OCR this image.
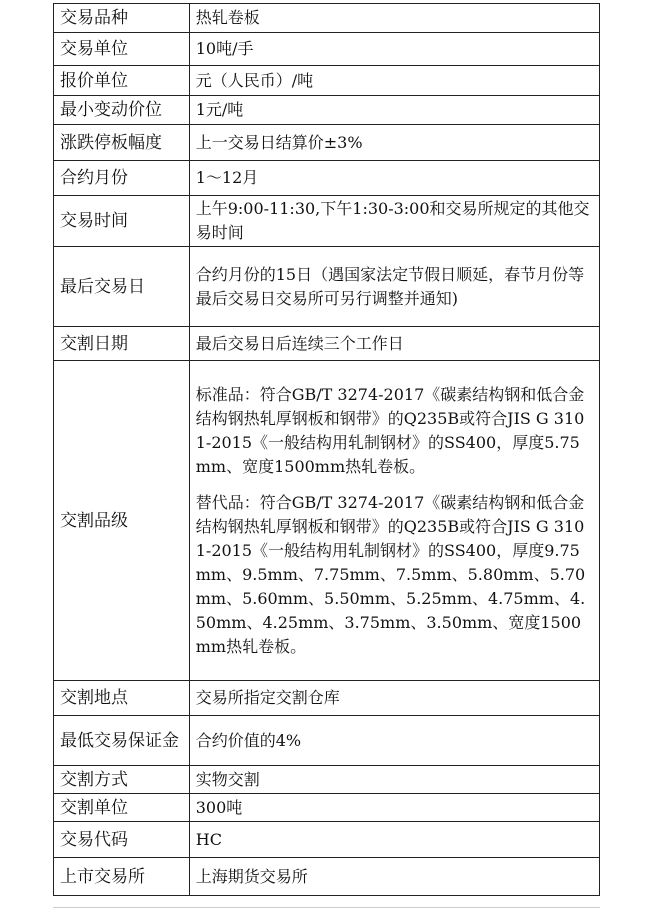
交易品种	热轧卷板
交易单位	10吨/手
报价单位	元（人民币）/吨
最小变动价位	1元/吨
涨跌停板幅度	上一交易日结算价±3%
合约月份	1～12月
交易时间	上午9:00-11:30,下午1:30-3:00和交易所规定的其他交易时间
最后交易日	合约月份的15日（遇国家法定节假日顺延，春节月份等最后交易日交易所可另行调整并通知)
交割日期	最后交易日后连续三个工作日
交割品级	标准品：符合GB/T 3274-2017《碳素结构钢和低合金结构钢热轧厚钢板和钢带》的Q235B或符合JIS G 3101-2015《一般结构用轧制钢材》的SS400，厚度5.75mm、宽度1500mm热轧卷板。
替代品：符合GB/T 3274-2017《碳素结构钢和低合金结构钢热轧厚钢板和钢带》的Q235B或符合JIS G 3101-2015《一般结构用轧制钢材》的SS400，厚度9.75mm、9.5mm、7.75mm、7.5mm、5.80mm、5.70mm、5.60mm、5.50mm、5.25mm、4.75mm、4.50mm、4.25mm、3.75mm、3.50mm、宽度1500mm热轧卷板。

交割地点	交易所指定交割仓库
最低交易保证金	合约价值的4%
交割方式	实物交割
交割单位	300吨
交易代码	HC
上市交易所	上海期货交易所
